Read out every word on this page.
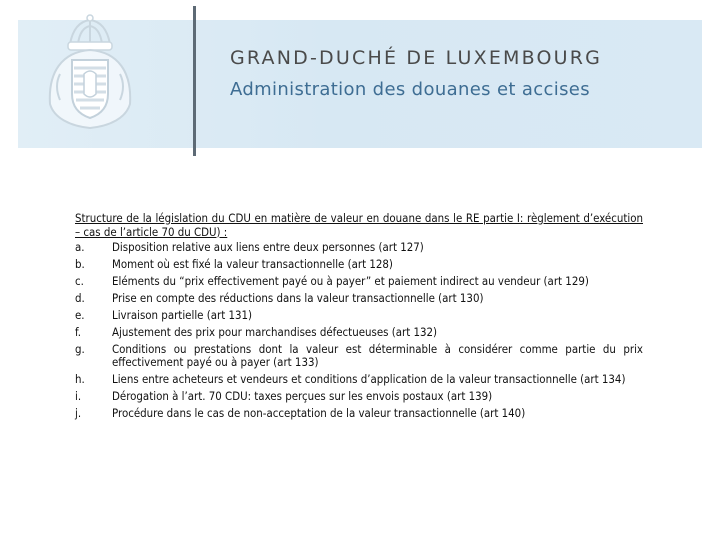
GRAND-DUCHÉ DE LUXEMBOURG
Administration des douanes et accises
Structure de la législation du CDU en matière de valeur en douane dans le RE partie I: règlement d’exécution – cas de l’article 70 du CDU) :
a.	Disposition relative aux liens entre deux personnes (art 127)
b.	Moment où est fixé la valeur transactionnelle (art 128)
c.	Eléments du “prix effectivement payé ou à payer” et paiement indirect au vendeur (art 129)
d.	Prise en compte des réductions dans la valeur transactionnelle (art 130)
e.	Livraison partielle (art 131)
f.	Ajustement des prix pour marchandises défectueuses (art 132)
g.	Conditions ou prestations dont la valeur est déterminable à considérer comme partie du prix effectivement payé ou à payer (art 133)
h.	Liens entre acheteurs et vendeurs et conditions d’application de la valeur transactionnelle (art 134)
i.	Dérogation à l’art. 70 CDU: taxes perçues sur les envois postaux (art 139)
j.	Procédure dans le cas de non-acceptation de la valeur transactionnelle (art 140)
